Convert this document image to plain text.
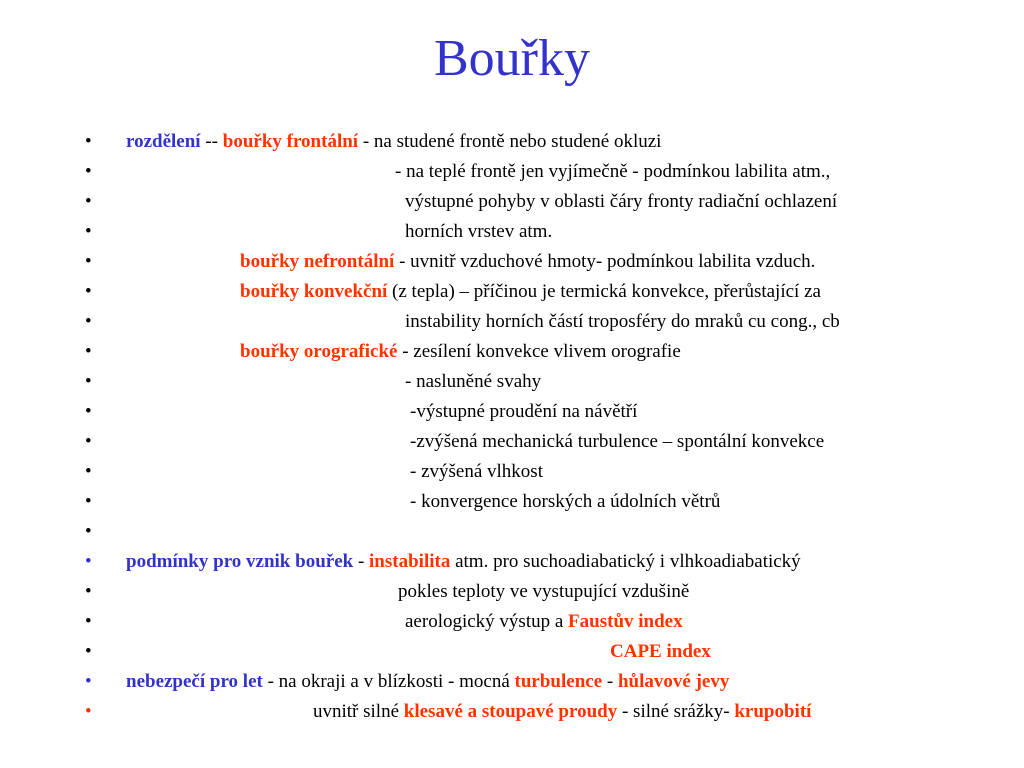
Bouřky
•	rozdělení -- bouřky frontální - na studené frontě nebo studené okluzi
•	- na teplé frontě jen vyjímečně - podmínkou labilita atm.,
•	výstupné pohyby v oblasti čáry fronty radiační ochlazení
•	horních vrstev atm.
•	bouřky nefrontální - uvnitř vzduchové hmoty- podmínkou labilita vzduch.
•	bouřky konvekční (z tepla) – příčinou je termická konvekce, přerůstající za
•	instability horních částí troposféry do mraků cu cong., cb
•	bouřky orografické - zesílení konvekce vlivem orografie
•	- nasluněné svahy
•	-výstupné proudění na návětří
•	-zvýšená mechanická turbulence – spontální konvekce
•	- zvýšená vlhkost
•	- konvergence horských a údolních větrů
•
•	podmínky pro vznik bouřek - instabilita atm. pro suchoadiabatický i vlhkoadiabatický
•	pokles teploty ve vystupující vzdušině
•	aerologický výstup a Faustův index
•	CAPE index
•	nebezpečí pro let - na okraji a v blízkosti - mocná turbulence - hůlavové jevy
•	uvnitř silné klesavé a stoupavé proudy - silné srážky- krupobití
